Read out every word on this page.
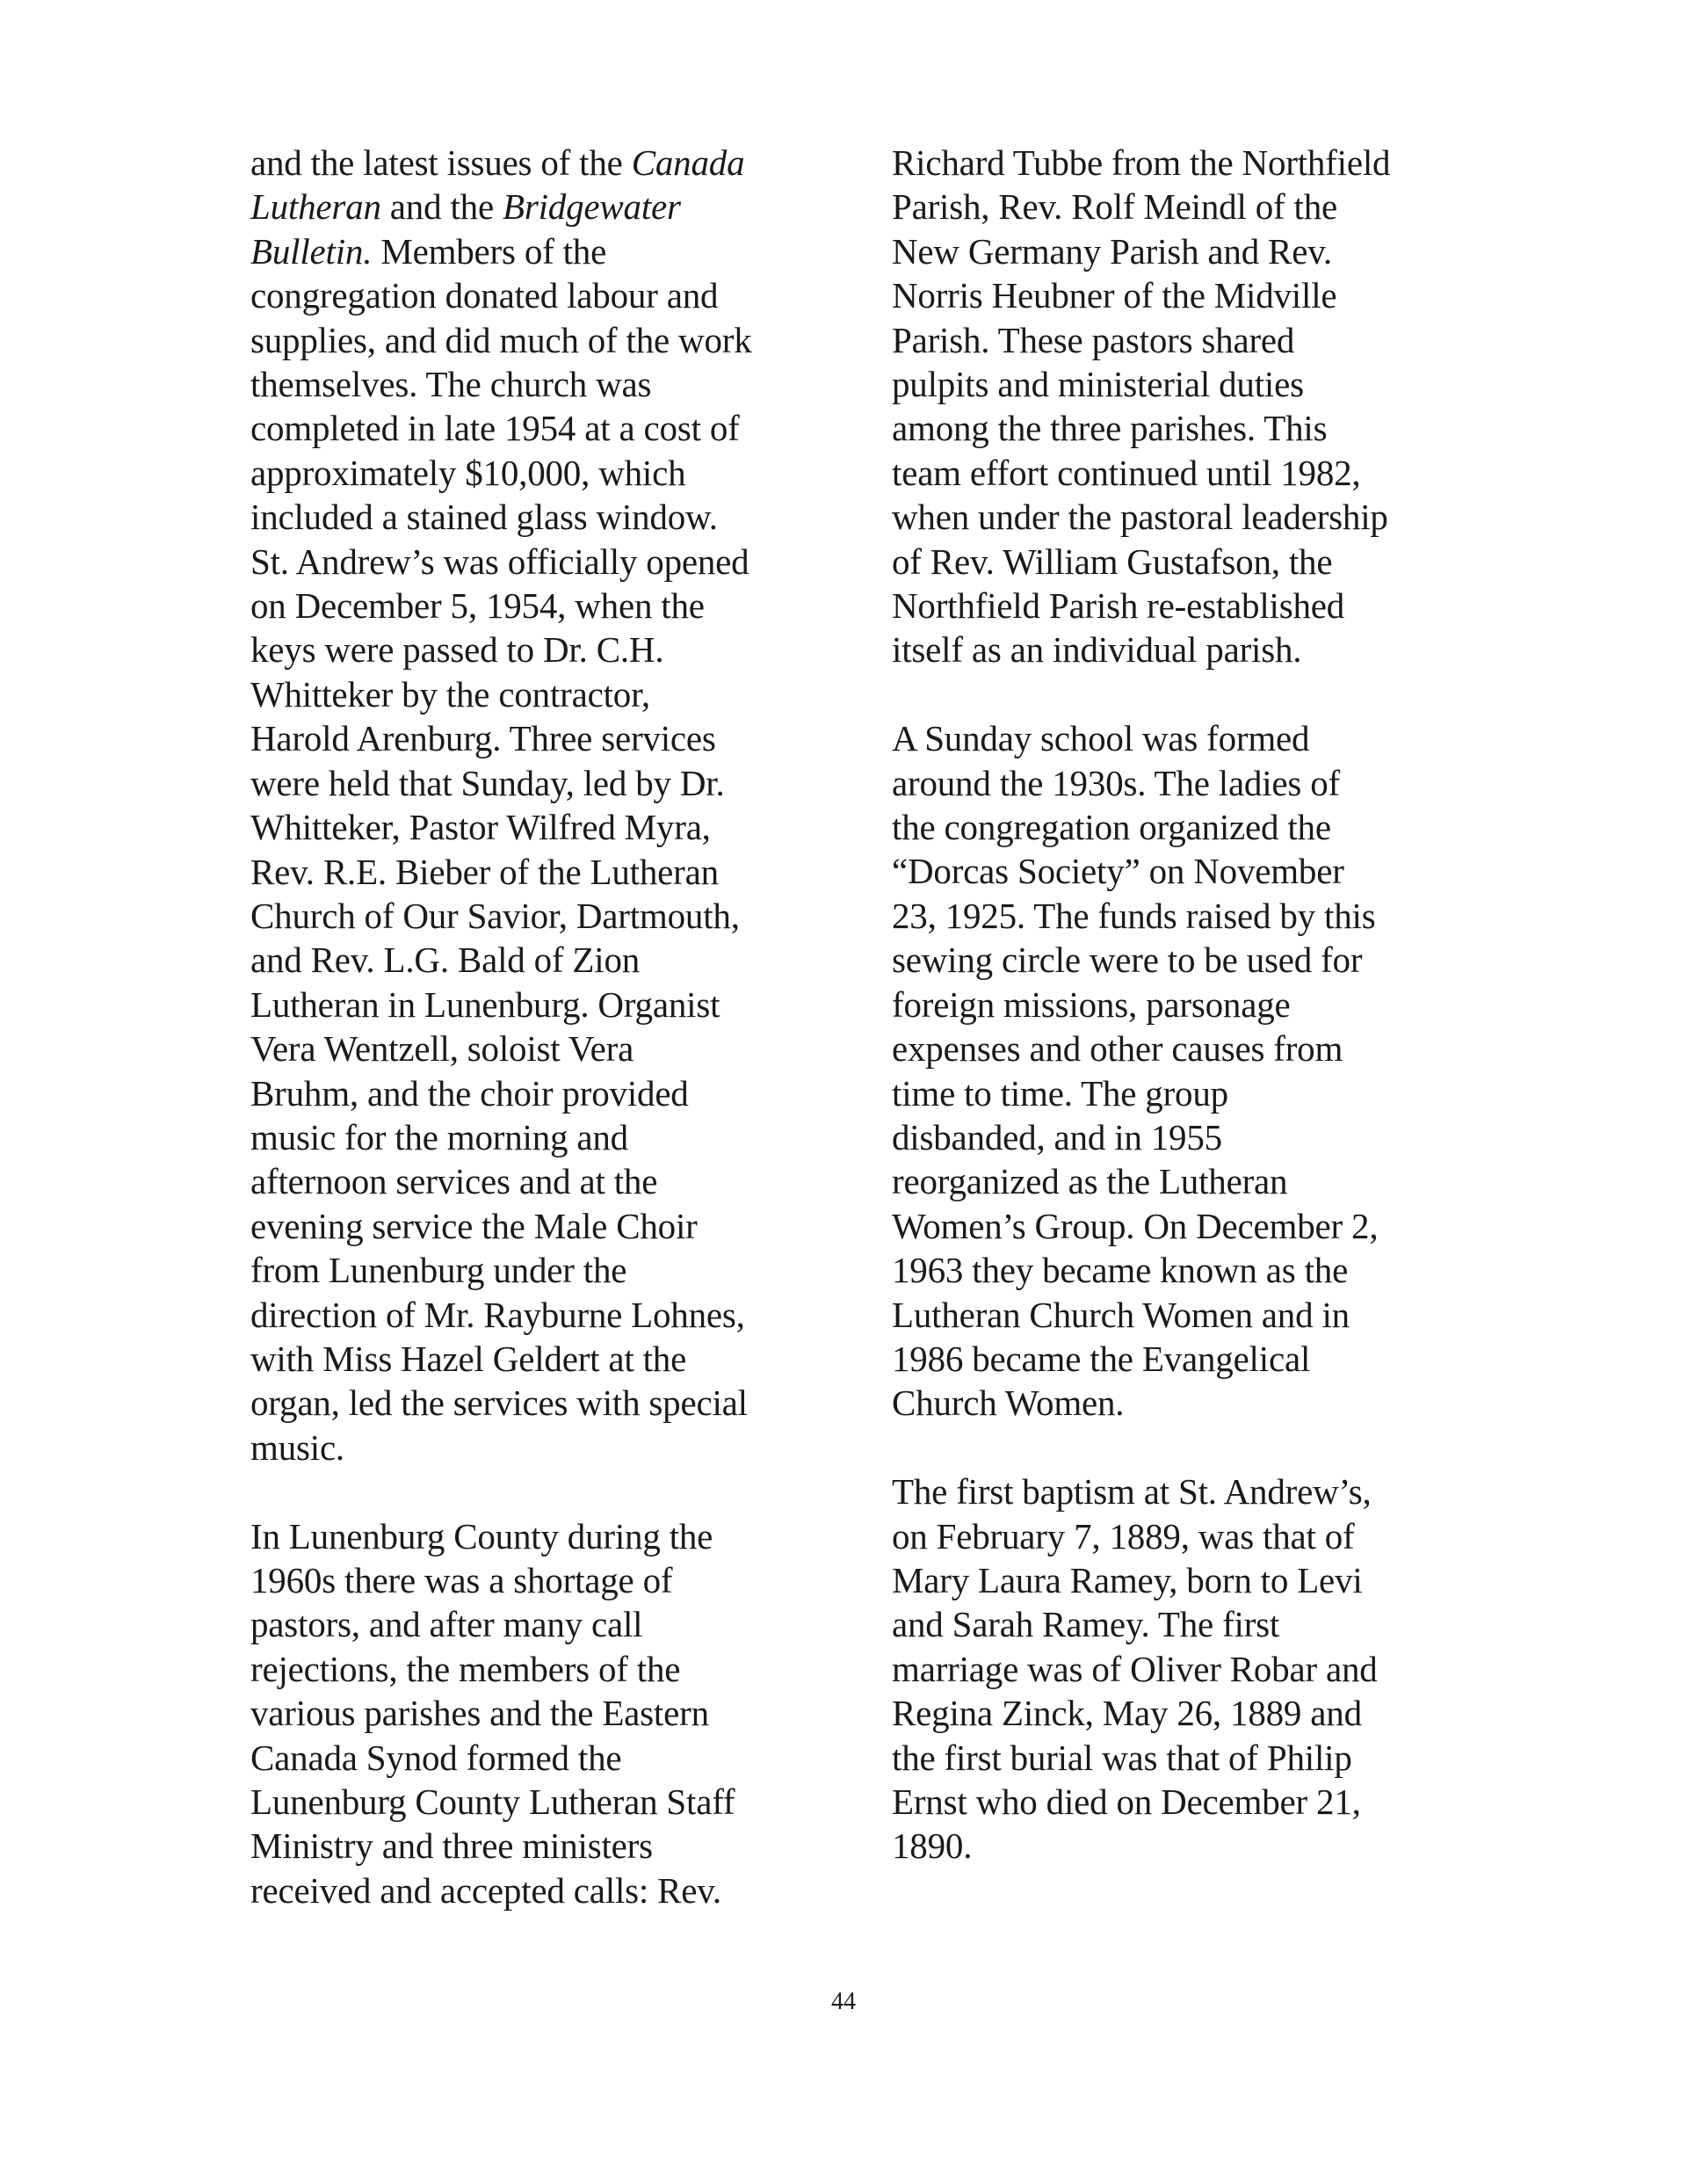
and the latest issues of the Canada
Lutheran and the Bridgewater
Bulletin. Members of the
congregation donated labour and
supplies, and did much of the work
themselves. The church was
completed in late 1954 at a cost of
approximately $10,000, which
included a stained glass window.
St. Andrew’s was officially opened
on December 5, 1954, when the
keys were passed to Dr. C.H.
Whitteker by the contractor,
Harold Arenburg. Three services
were held that Sunday, led by Dr.
Whitteker, Pastor Wilfred Myra,
Rev. R.E. Bieber of the Lutheran
Church of Our Savior, Dartmouth,
and Rev. L.G. Bald of Zion
Lutheran in Lunenburg. Organist
Vera Wentzell, soloist Vera
Bruhm, and the choir provided
music for the morning and
afternoon services and at the
evening service the Male Choir
from Lunenburg under the
direction of Mr. Rayburne Lohnes,
with Miss Hazel Geldert at the
organ, led the services with special
music.
In Lunenburg County during the
1960s there was a shortage of
pastors, and after many call
rejections, the members of the
various parishes and the Eastern
Canada Synod formed the
Lunenburg County Lutheran Staff
Ministry and three ministers
received and accepted calls: Rev.
Richard Tubbe from the Northfield
Parish, Rev. Rolf Meindl of the
New Germany Parish and Rev.
Norris Heubner of the Midville
Parish. These pastors shared
pulpits and ministerial duties
among the three parishes. This
team effort continued until 1982,
when under the pastoral leadership
of Rev. William Gustafson, the
Northfield Parish re-established
itself as an individual parish.
A Sunday school was formed
around the 1930s. The ladies of
the congregation organized the
“Dorcas Society” on November
23, 1925. The funds raised by this
sewing circle were to be used for
foreign missions, parsonage
expenses and other causes from
time to time. The group
disbanded, and in 1955
reorganized as the Lutheran
Women’s Group. On December 2,
1963 they became known as the
Lutheran Church Women and in
1986 became the Evangelical
Church Women.
The first baptism at St. Andrew’s,
on February 7, 1889, was that of
Mary Laura Ramey, born to Levi
and Sarah Ramey. The first
marriage was of Oliver Robar and
Regina Zinck, May 26, 1889 and
the first burial was that of Philip
Ernst who died on December 21,
1890.
44
